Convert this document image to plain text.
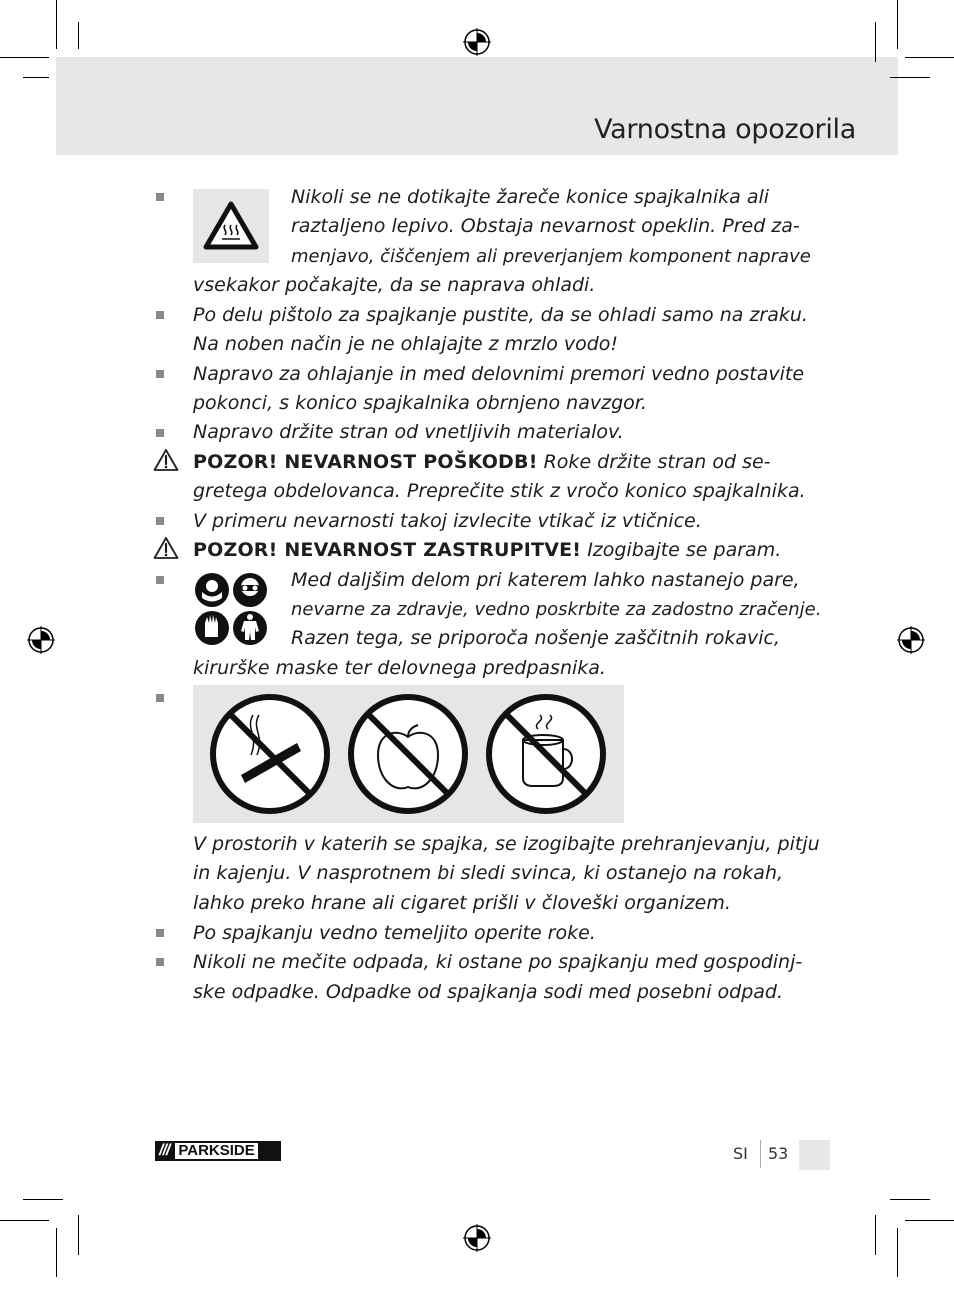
Varnostna opozorila
Nikoli se ne dotikajte žareče konice spajkalnika ali
raztaljeno lepivo. Obstaja nevarnost opeklin. Pred za-
menjavo, čiščenjem ali preverjanjem komponent naprave
vsekakor počakajte, da se naprava ohladi.
Po delu pištolo za spajkanje pustite, da se ohladi samo na zraku.
Na noben način je ne ohlajajte z mrzlo vodo!
Napravo za ohlajanje in med delovnimi premori vedno postavite
pokonci, s konico spajkalnika obrnjeno navzgor.
Napravo držite stran od vnetljivih materialov.
POZOR! NEVARNOST POŠKODB! Roke držite stran od se-
gretega obdelovanca. Preprečite stik z vročo konico spajkalnika.
V primeru nevarnosti takoj izvlecite vtikač iz vtičnice.
POZOR! NEVARNOST ZASTRUPITVE! Izogibajte se param.
Med daljšim delom pri katerem lahko nastanejo pare,
nevarne za zdravje, vedno poskrbite za zadostno zračenje.
Razen tega, se priporoča nošenje zaščitnih rokavic,
kirurške maske ter delovnega predpasnika.
V prostorih v katerih se spajka, se izogibajte prehranjevanju, pitju
in kajenju. V nasprotnem bi sledi svinca, ki ostanejo na rokah,
lahko preko hrane ali cigaret prišli v človeški organizem.
Po spajkanju vedno temeljito operite roke.
Nikoli ne mečite odpada, ki ostane po spajkanju med gospodinj-
ske odpadke. Odpadke od spajkanja sodi med posebni odpad.
/// PARKSIDE	SI 53
